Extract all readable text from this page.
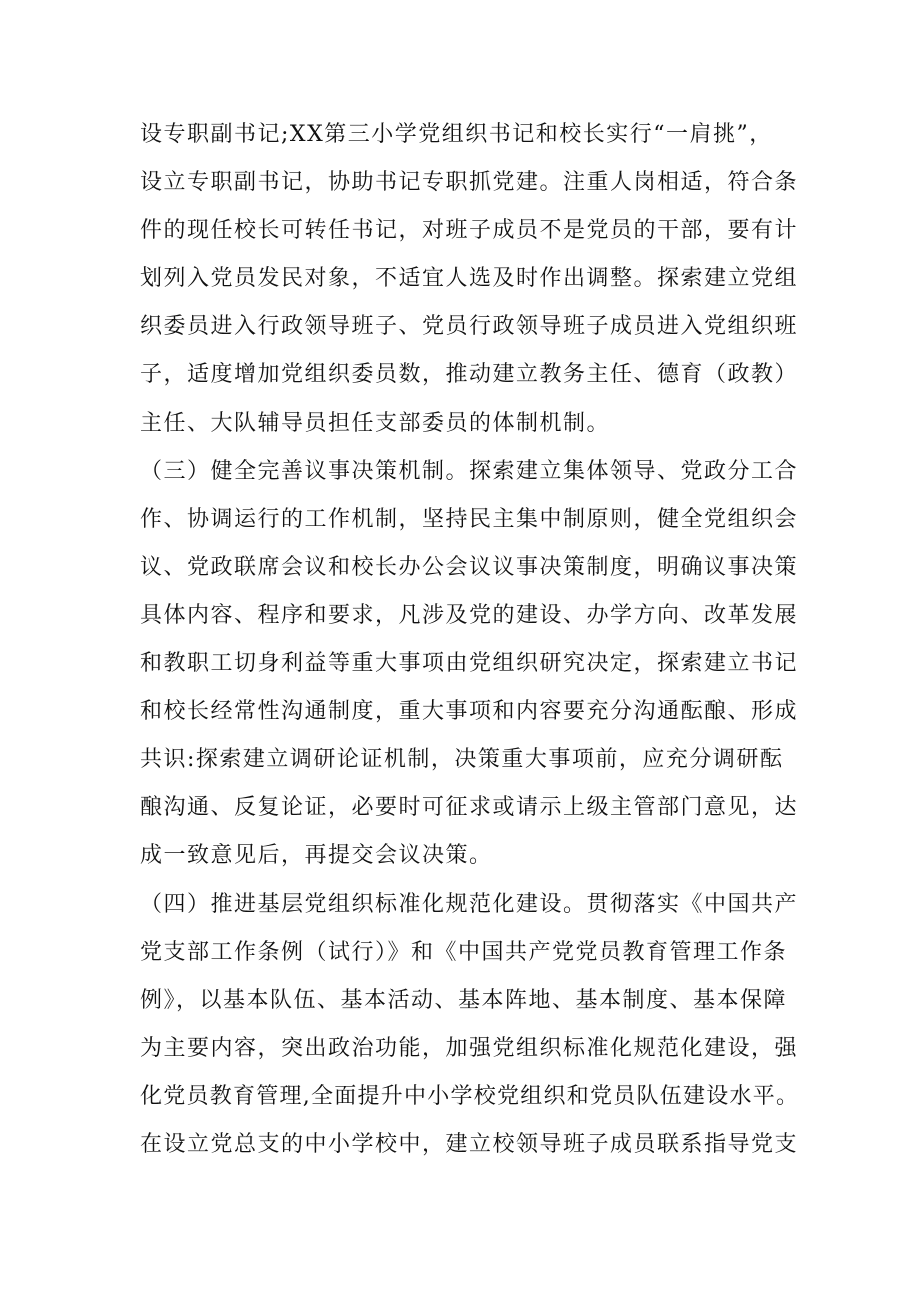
设专职副书记;XX第三小学党组织书记和校长实行“一肩挑”，
设立专职副书记，协助书记专职抓党建。注重人岗相适，符合条
件的现任校长可转任书记，对班子成员不是党员的干部，要有计
划列入党员发民对象，不适宜人选及时作出调整。探索建立党组
织委员进入行政领导班子、党员行政领导班子成员进入党组织班
子，适度增加党组织委员数，推动建立教务主任、德育（政教）
主任、大队辅导员担任支部委员的体制机制。
（三）健全完善议事决策机制。探索建立集体领导、党政分工合
作、协调运行的工作机制，坚持民主集中制原则，健全党组织会
议、党政联席会议和校长办公会议议事决策制度，明确议事决策
具体内容、程序和要求，凡涉及党的建设、办学方向、改革发展
和教职工切身利益等重大事项由党组织研究决定，探索建立书记
和校长经常性沟通制度，重大事项和内容要充分沟通酝酿、形成
共识:探索建立调研论证机制，决策重大事项前，应充分调研酝
酿沟通、反复论证，必要时可征求或请示上级主管部门意见，达
成一致意见后，再提交会议决策。
（四）推进基层党组织标准化规范化建设。贯彻落实《中国共产
党支部工作条例（试行）》和《中国共产党党员教育管理工作条
例》，以基本队伍、基本活动、基本阵地、基本制度、基本保障
为主要内容，突出政治功能，加强党组织标准化规范化建设，强
化党员教育管理,全面提升中小学校党组织和党员队伍建设水平。
在设立党总支的中小学校中，建立校领导班子成员联系指导党支
